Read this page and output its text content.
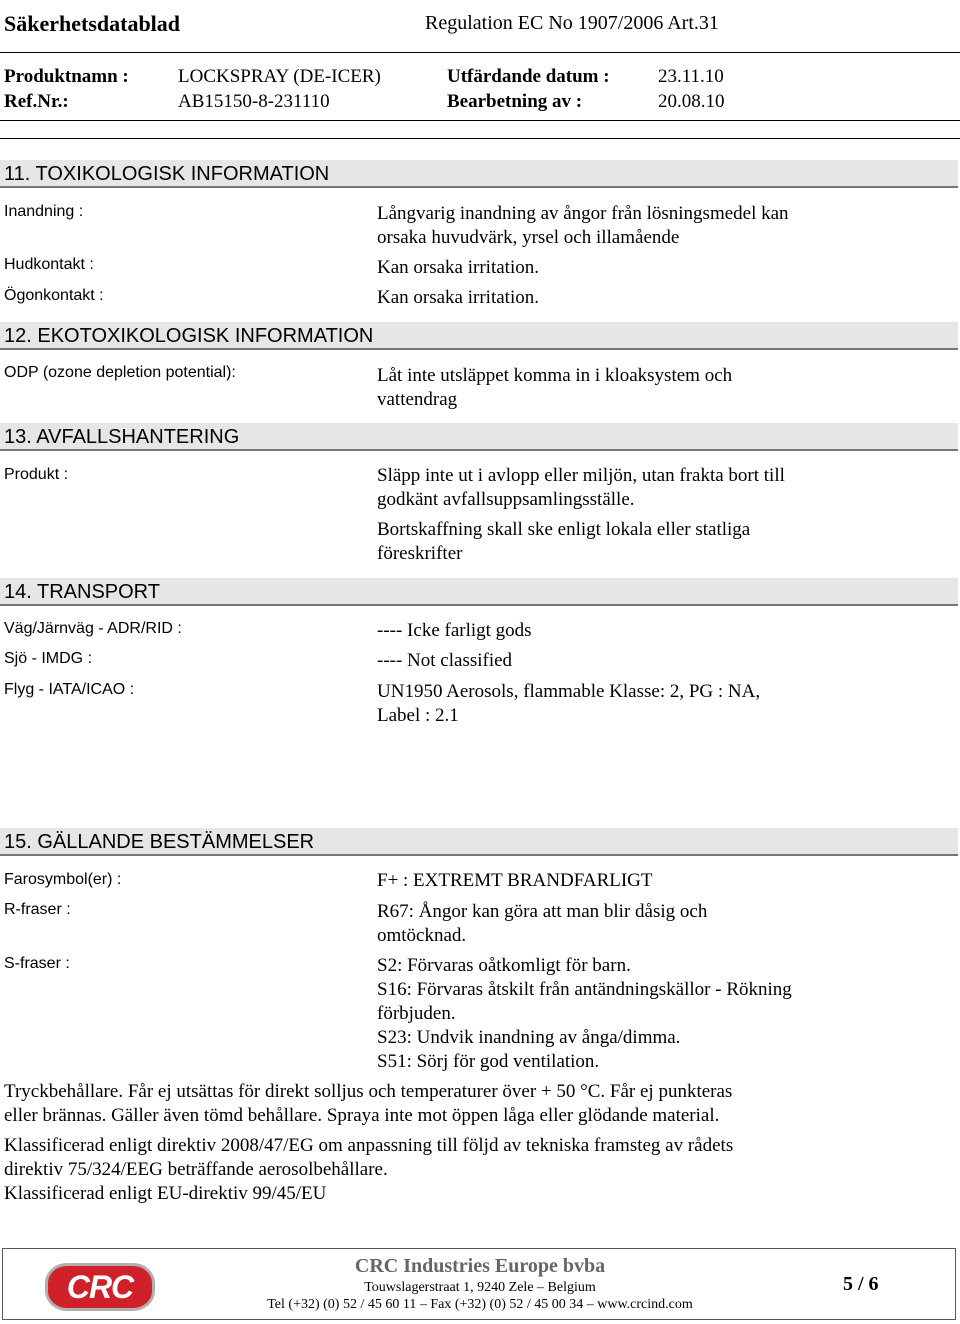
Säkerhetsdatablad	Regulation EC No 1907/2006 Art.31
Produktnamn :	LOCKSPRAY (DE-ICER)	Utfärdande datum :	23.11.10
Ref.Nr.:	AB15150-8-231110	Bearbetning av :	20.08.10
11. TOXIKOLOGISK INFORMATION
Inandning :	Långvarig inandning av ångor från lösningsmedel kan
orsaka huvudvärk, yrsel och illamående
Hudkontakt :	Kan orsaka irritation.
Ögonkontakt :	Kan orsaka irritation.
12. EKOTOXIKOLOGISK INFORMATION
ODP (ozone depletion potential):	Låt inte utsläppet komma in i kloaksystem och
vattendrag
13. AVFALLSHANTERING
Produkt :	Släpp inte ut i avlopp eller miljön, utan frakta bort till
godkänt avfallsuppsamlingsställe.
Bortskaffning skall ske enligt lokala eller statliga
föreskrifter
14. TRANSPORT
Väg/Järnväg - ADR/RID :	---- Icke farligt gods
Sjö - IMDG :	---- Not classified
Flyg - IATA/ICAO :	UN1950 Aerosols, flammable Klasse: 2, PG : NA,
Label : 2.1
15. GÄLLANDE BESTÄMMELSER
Farosymbol(er) :	F+ : EXTREMT BRANDFARLIGT
R-fraser :	R67: Ångor kan göra att man blir dåsig och
omtöcknad.
S-fraser :	S2: Förvaras oåtkomligt för barn.
S16: Förvaras åtskilt från antändningskällor - Rökning
förbjuden.
S23: Undvik inandning av ånga/dimma.
S51: Sörj för god ventilation.
Tryckbehållare. Får ej utsättas för direkt solljus och temperaturer över + 50 °C. Får ej punkteras
eller brännas. Gäller även tömd behållare. Spraya inte mot öppen låga eller glödande material.
Klassificerad enligt direktiv 2008/47/EG om anpassning till följd av tekniska framsteg av rådets
direktiv 75/324/EEG beträffande aerosolbehållare.
Klassificerad enligt EU-direktiv 99/45/EU
CRC
CRC Industries Europe bvba
Touwslagerstraat 1, 9240 Zele – Belgium
Tel (+32) (0) 52 / 45 60 11 – Fax (+32) (0) 52 / 45 00 34 – www.crcind.com
5 / 6
